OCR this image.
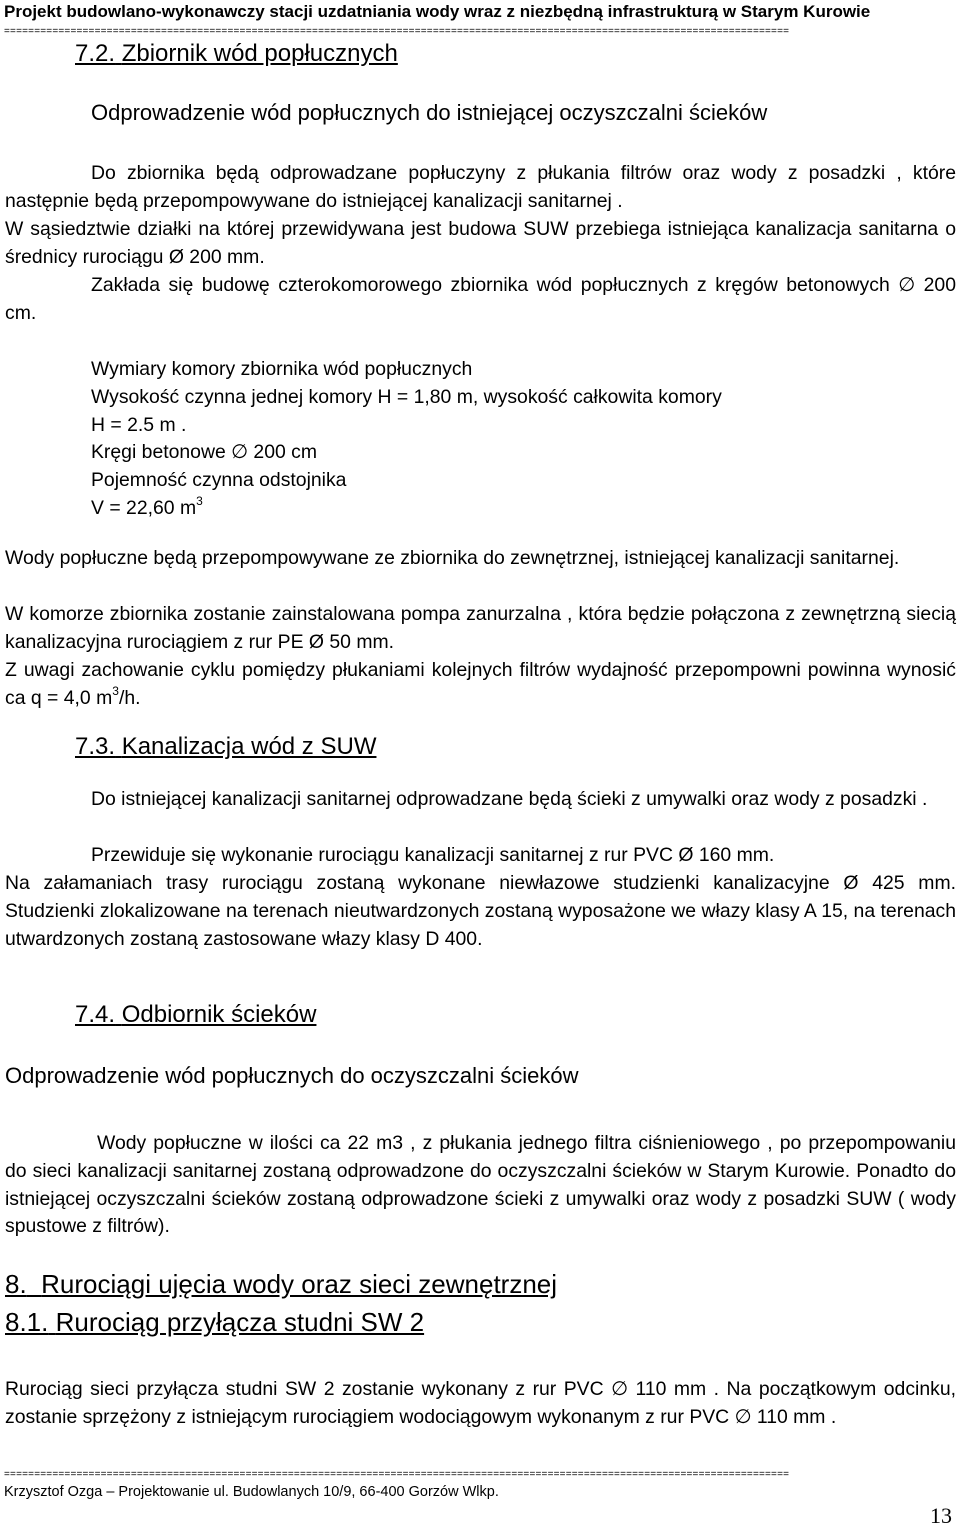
Projekt budowlano-wykonawczy stacji uzdatniania wody wraz z niezbędną infrastrukturą w Starym Kurowie
==================================================================================================================================
7.2. Zbiornik wód popłucznych
Odprowadzenie wód popłucznych do istniejącej oczyszczalni ścieków

Do zbiornika będą odprowadzane popłuczyny z płukania filtrów oraz wody z posadzki , które następnie będą przepompowywane do istniejącej kanalizacji sanitarnej .

W sąsiedztwie działki na której przewidywana jest budowa SUW przebiega istniejąca kanalizacja sanitarna o średnicy rurociągu Ø 200 mm.

Zakłada się budowę czterokomorowego zbiornika wód popłucznych z kręgów betonowych ∅ 200 cm.

Wymiary komory zbiornika wód popłucznych
Wysokość czynna jednej komory H = 1,80 m, wysokość całkowita komory
H = 2.5 m .
Kręgi betonowe ∅ 200 cm
Pojemność czynna odstojnika
V = 22,60 $m^3$

Wody popłuczne będą przepompowywane ze zbiornika do zewnętrznej, istniejącej kanalizacji sanitarnej.

W komorze zbiornika zostanie zainstalowana pompa zanurzalna , która będzie połączona z zewnętrzną siecią kanalizacyjna rurociągiem z rur PE Ø 50 mm.

Z uwagi zachowanie cyklu pomiędzy płukaniami kolejnych filtrów wydajność przepompowni powinna wynosić ca q = 4,0 $m^3/h$.

7.3. Kanalizacja wód z SUW

Do istniejącej kanalizacji sanitarnej odprowadzane będą ścieki z umywalki oraz wody z posadzki .

Przewiduje się wykonanie rurociągu kanalizacji sanitarnej z rur PVC Ø 160 mm.

Na załamaniach trasy rurociągu zostaną wykonane niewłazowe studzienki kanalizacyjne Ø 425 mm. Studzienki zlokalizowane na terenach nieutwardzonych zostaną wyposażone we włazy klasy A 15, na terenach utwardzonych zostaną zastosowane włazy klasy D 400.

7.4. Odbiornik ścieków
Odprowadzenie wód popłucznych do oczyszczalni ścieków

Wody popłuczne w ilości ca 22 m3 , z płukania jednego filtra ciśnieniowego , po przepompowaniu do sieci kanalizacji sanitarnej zostaną odprowadzone do oczyszczalni ścieków w Starym Kurowie. Ponadto do istniejącej oczyszczalni ścieków zostaną odprowadzone ścieki z umywalki oraz wody z posadzki SUW ( wody spustowe z filtrów).

8. Rurociągi ujęcia wody oraz sieci zewnętrznej
8.1. Rurociąg przyłącza studni SW 2

Rurociąg sieci przyłącza studni SW 2 zostanie wykonany z rur PVC ∅ 110 mm . Na początkowym odcinku, zostanie sprzężony z istniejącym rurociągiem wodociągowym wykonanym z rur PVC ∅ 110 mm .

==================================================================================================================================
Krzysztof Ozga – Projektowanie ul. Budowlanych 10/9, 66-400 Gorzów Wlkp.
13
